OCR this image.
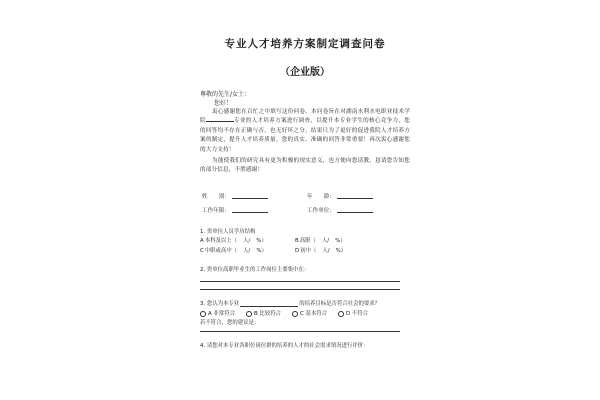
专业人才培养方案制定调查问卷
（企业版）
尊敬的先生/女士：
您好！

衷心感谢您在百忙之中填写这份问卷。本问卷旨在对湖南水利水电职业技术学院	专业的人才培养方案进行调查，以提升本专业学生的核心竞争力，您的回答均不存在正确与否，也无好坏之分。结果只为了更好的促进我院人才培养方案的制定，提升人才培养质量。您的真实、准确的回答非常重要！再次衷心感谢您的大力支持！

为能使我们的研究具有更为积极的现实意义，也方便向您请教，恳请您告知您的部分信息，不胜感谢！

姓　　别：	年　　龄：
工作年限：	工作单位：
1. 贵单位人员学历结构
A 本科及以上（ 人/ %）	B 高职（ 人/ %）
C 中职或高中（ 人/ %）	D 初中（ 人/ %）
2. 贵单位高职毕业生的工作岗位主要集中在：
3. 您认为本专业	的培养目标是否符合社会的要求？
A 非常符合	B 比较符合	C 基本符合	D 不符合
若不符合，您的建议是：
4. 请您对本专业各职位岗位群的培养的人才的社会需求情况进行评价：
